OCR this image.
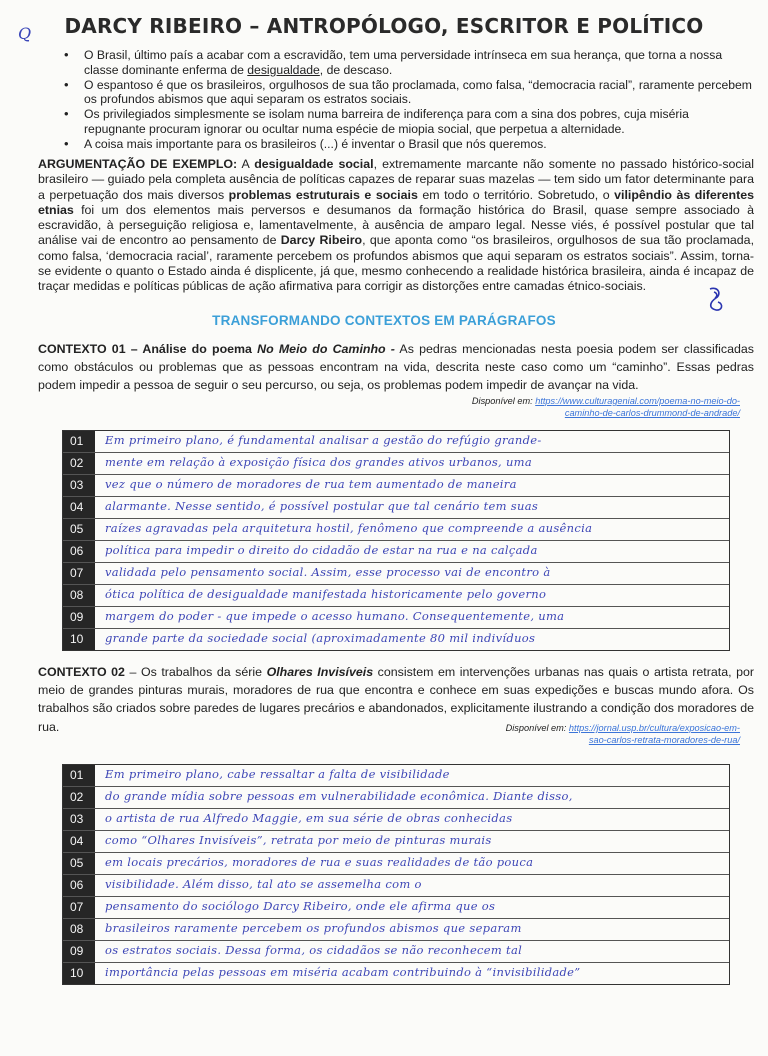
Q	DARCY RIBEIRO – ANTROPÓLOGO, ESCRITOR E POLÍTICO
• O Brasil, último país a acabar com a escravidão, tem uma perversidade intrínseca em sua herança, que torna a nossa classe dominante enferma de desigualdade, de descaso.
• O espantoso é que os brasileiros, orgulhosos de sua tão proclamada, como falsa, “democracia racial”, raramente percebem os profundos abismos que aqui separam os estratos sociais.
• Os privilegiados simplesmente se isolam numa barreira de indiferença para com a sina dos pobres, cuja miséria repugnante procuram ignorar ou ocultar numa espécie de miopia social, que perpetua a alternidade.
• A coisa mais importante para os brasileiros (...) é inventar o Brasil que nós queremos.

ARGUMENTAÇÃO DE EXEMPLO: A desigualdade social, extremamente marcante não somente no passado histórico-social brasileiro — guiado pela completa ausência de políticas capazes de reparar suas mazelas — tem sido um fator determinante para a perpetuação dos mais diversos problemas estruturais e sociais em todo o território. Sobretudo, o vilipêndio às diferentes etnias foi um dos elementos mais perversos e desumanos da formação histórica do Brasil, quase sempre associado à escravidão, à perseguição religiosa e, lamentavelmente, à ausência de amparo legal. Nesse viés, é possível postular que tal análise vai de encontro ao pensamento de Darcy Ribeiro, que aponta como “os brasileiros, orgulhosos de sua tão proclamada, como falsa, ‘democracia racial’, raramente percebem os profundos abismos que aqui separam os estratos sociais”. Assim, torna-se evidente o quanto o Estado ainda é displicente, já que, mesmo conhecendo a realidade histórica brasileira, ainda é incapaz de traçar medidas e políticas públicas de ação afirmativa para corrigir as distorções entre camadas étnico-sociais.

TRANSFORMANDO CONTEXTOS EM PARÁGRAFOS

CONTEXTO 01 – Análise do poema No Meio do Caminho - As pedras mencionadas nesta poesia podem ser classificadas como obstáculos ou problemas que as pessoas encontram na vida, descrita neste caso como um “caminho”. Essas pedras podem impedir a pessoa de seguir o seu percurso, ou seja, os problemas podem impedir de avançar na vida.

Disponível em: https://www.culturagenial.com/poema-no-meio-do-
caminho-de-carlos-drummond-de-andrade/
01	Em primeiro plano, é fundamental analisar a gestão do refúgio grande-
02	mente em relação à exposição física dos grandes ativos urbanos, uma
03	vez que o número de moradores de rua tem aumentado de maneira
04	alarmante. Nesse sentido, é possível postular que tal cenário tem suas
05	raízes agravadas pela arquitetura hostil, fenômeno que compreende a ausência
06	política para impedir o direito do cidadão de estar na rua e na calçada
07	validada pelo pensamento social. Assim, esse processo vai de encontro à
08	ótica política de desigualdade manifestada historicamente pelo governo
09	margem do poder - que impede o acesso humano. Consequentemente, uma
10	grande parte da sociedade social (aproximadamente 80 mil indivíduos

CONTEXTO 02 – Os trabalhos da série Olhares Invisíveis consistem em intervenções urbanas nas quais o artista retrata, por meio de grandes pinturas murais, moradores de rua que encontra e conhece em suas expedições e buscas mundo afora. Os trabalhos são criados sobre paredes de lugares precários e abandonados, explicitamente ilustrando a condição dos moradores de rua.	Disponível em: https://jornal.usp.br/cultura/exposicao-em-
sao-carlos-retrata-moradores-de-rua/
01	Em primeiro plano, cabe ressaltar a falta de visibilidade
02	do grande mídia sobre pessoas em vulnerabilidade econômica. Diante disso,
03	o artista de rua Alfredo Maggie, em sua série de obras conhecidas
04	como “Olhares Invisíveis”, retrata por meio de pinturas murais
05	em locais precários, moradores de rua e suas realidades de tão pouca
06	visibilidade. Além disso, tal ato se assemelha com o
07	pensamento do sociólogo Darcy Ribeiro, onde ele afirma que os
08	brasileiros raramente percebem os profundos abismos que separam
09	os estratos sociais. Dessa forma, os cidadãos se não reconhecem tal
10	importância pelas pessoas em miséria acabam contribuindo à “invisibilidade”
